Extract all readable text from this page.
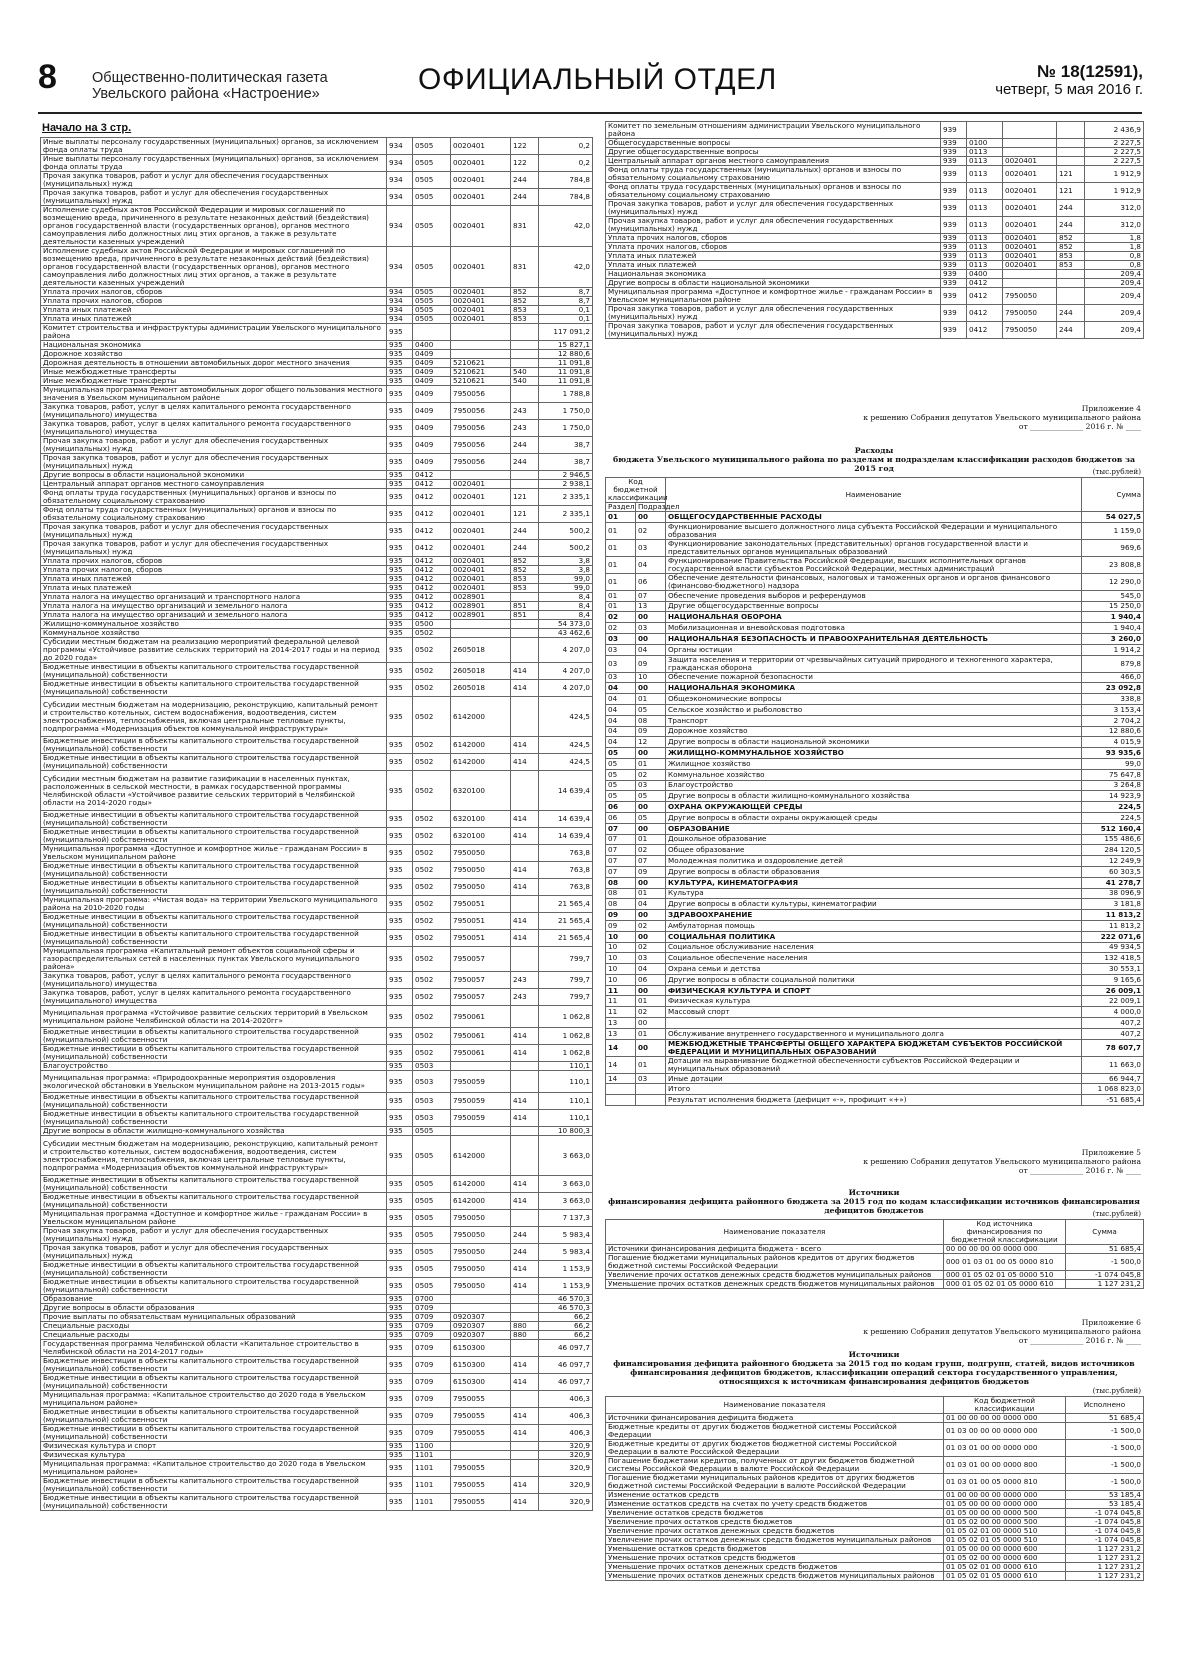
8 Общественно-политическая газета
Увельского района «Настроение»	ОФИЦИАЛЬНЫЙ ОТДЕЛ	№ 18(12591),
четверг, 5 мая 2016 г.
Начало на 3 стр.
Иные выплаты персоналу государственных (муниципальных) органов, за исключением фонда оплаты труда	934	0505	0020401	122	0,2
Иные выплаты персоналу государственных (муниципальных) органов, за исключением фонда оплаты труда	934	0505	0020401	122	0,2
Прочая закупка товаров, работ и услуг для обеспечения государственных (муниципальных) нужд	934	0505	0020401	244	784,8
Прочая закупка товаров, работ и услуг для обеспечения государственных (муниципальных) нужд	934	0505	0020401	244	784,8
Исполнение судебных актов Российской Федерации и мировых соглашений по возмещению вреда, причиненного в результате незаконных действий (бездействия) органов государственной власти (государственных органов), органов местного самоуправления либо должностных лиц этих органов, а также в результате деятельности казенных учреждений	934	0505	0020401	831	42,0
Исполнение судебных актов Российской Федерации и мировых соглашений по возмещению вреда, причиненного в результате незаконных действий (бездействия) органов государственной власти (государственных органов), органов местного самоуправления либо должностных лиц этих органов, а также в результате деятельности казенных учреждений	934	0505	0020401	831	42,0
Уплата прочих налогов, сборов	934	0505	0020401	852	8,7
Уплата прочих налогов, сборов	934	0505	0020401	852	8,7
Уплата иных платежей	934	0505	0020401	853	0,1
Уплата иных платежей	934	0505	0020401	853	0,1
Комитет строительства и инфраструктуры администрации Увельского муниципального района	935				117 091,2
Национальная экономика	935	0400			15 827,1
Дорожное хозяйство	935	0409			12 880,6
Дорожная деятельность в отношении автомобильных дорог местного значения	935	0409	5210621		11 091,8
Иные межбюджетные трансферты	935	0409	5210621	540	11 091,8
Иные межбюджетные трансферты	935	0409	5210621	540	11 091,8
Муниципальная программа Ремонт автомобильных дорог общего пользования местного значения в Увельском муниципальном районе	935	0409	7950056		1 788,8
Закупка товаров, работ, услуг в целях капитального ремонта государственного (муниципального) имущества	935	0409	7950056	243	1 750,0
Закупка товаров, работ, услуг в целях капитального ремонта государственного (муниципального) имущества	935	0409	7950056	243	1 750,0
Прочая закупка товаров, работ и услуг для обеспечения государственных (муниципальных) нужд	935	0409	7950056	244	38,7
Прочая закупка товаров, работ и услуг для обеспечения государственных (муниципальных) нужд	935	0409	7950056	244	38,7
Другие вопросы в области национальной экономики	935	0412			2 946,5
Центральный аппарат органов местного самоуправления	935	0412	0020401		2 938,1
Фонд оплаты труда государственных (муниципальных) органов и взносы по обязательному социальному страхованию	935	0412	0020401	121	2 335,1
Фонд оплаты труда государственных (муниципальных) органов и взносы по обязательному социальному страхованию	935	0412	0020401	121	2 335,1
Прочая закупка товаров, работ и услуг для обеспечения государственных (муниципальных) нужд	935	0412	0020401	244	500,2
Прочая закупка товаров, работ и услуг для обеспечения государственных (муниципальных) нужд	935	0412	0020401	244	500,2
Уплата прочих налогов, сборов	935	0412	0020401	852	3,8
Уплата прочих налогов, сборов	935	0412	0020401	852	3,8
Уплата иных платежей	935	0412	0020401	853	99,0
Уплата иных платежей	935	0412	0020401	853	99,0
Уплата налога на имущество организаций и транспортного налога	935	0412	0028901		8,4
Уплата налога на имущество организаций и земельного налога	935	0412	0028901	851	8,4
Уплата налога на имущество организаций и земельного налога	935	0412	0028901	851	8,4
Жилищно-коммунальное хозяйство	935	0500			54 373,0
Коммунальное хозяйство	935	0502			43 462,6
Субсидии местным бюджетам на реализацию мероприятий федеральной целевой программы «Устойчивое развитие сельских территорий на 2014-2017 годы и на период до 2020 года»	935	0502	2605018		4 207,0
Бюджетные инвестиции в объекты капитального строительства государственной (муниципальной) собственности	935	0502	2605018	414	4 207,0
Бюджетные инвестиции в объекты капитального строительства государственной (муниципальной) собственности	935	0502	2605018	414	4 207,0
Субсидии местным бюджетам на модернизацию, реконструкцию, капитальный ремонт и строительство котельных, систем водоснабжения, водоотведения, систем электроснабжения, теплоснабжения, включая центральные тепловые пункты, подпрограмма «Модернизация объектов коммунальной инфраструктуры»	935	0502	6142000		424,5
Бюджетные инвестиции в объекты капитального строительства государственной (муниципальной) собственности	935	0502	6142000	414	424,5
Бюджетные инвестиции в объекты капитального строительства государственной (муниципальной) собственности	935	0502	6142000	414	424,5
Субсидии местным бюджетам на развитие газификации в населенных пунктах, расположенных в сельской местности, в рамках государственной программы Челябинской области «Устойчивое развитие сельских территорий в Челябинской области на 2014-2020 годы»	935	0502	6320100		14 639,4
Бюджетные инвестиции в объекты капитального строительства государственной (муниципальной) собственности	935	0502	6320100	414	14 639,4
Бюджетные инвестиции в объекты капитального строительства государственной (муниципальной) собственности	935	0502	6320100	414	14 639,4
Муниципальная программа «Доступное и комфортное жилье - гражданам России» в Увельском муниципальном районе	935	0502	7950050		763,8
Бюджетные инвестиции в объекты капитального строительства государственной (муниципальной) собственности	935	0502	7950050	414	763,8
Бюджетные инвестиции в объекты капитального строительства государственной (муниципальной) собственности	935	0502	7950050	414	763,8
Муниципальная программа: «Чистая вода» на территории Увельского муниципального района на 2010-2020 годы	935	0502	7950051		21 565,4
Бюджетные инвестиции в объекты капитального строительства государственной (муниципальной) собственности	935	0502	7950051	414	21 565,4
Бюджетные инвестиции в объекты капитального строительства государственной (муниципальной) собственности	935	0502	7950051	414	21 565,4
Муниципальная программа «Капитальный ремонт объектов социальной сферы и газораспределительных сетей в населенных пунктах Увельского муниципального района»	935	0502	7950057		799,7
Закупка товаров, работ, услуг в целях капитального ремонта государственного (муниципального) имущества	935	0502	7950057	243	799,7
Закупка товаров, работ, услуг в целях капитального ремонта государственного (муниципального) имущества	935	0502	7950057	243	799,7
Муниципальная программа «Устойчивое развитие сельских территорий в Увельском муниципальном районе Челябинской области на 2014-2020гг»	935	0502	7950061		1 062,8
Бюджетные инвестиции в объекты капитального строительства государственной (муниципальной) собственности	935	0502	7950061	414	1 062,8
Бюджетные инвестиции в объекты капитального строительства государственной (муниципальной) собственности	935	0502	7950061	414	1 062,8
Благоустройство	935	0503			110,1
Муниципальная программа: «Природоохранные мероприятия оздоровления экологической обстановки в Увельском муниципальном районе на 2013-2015 годы»	935	0503	7950059		110,1
Бюджетные инвестиции в объекты капитального строительства государственной (муниципальной) собственности	935	0503	7950059	414	110,1
Бюджетные инвестиции в объекты капитального строительства государственной (муниципальной) собственности	935	0503	7950059	414	110,1
Другие вопросы в области жилищно-коммунального хозяйства	935	0505			10 800,3
Субсидии местным бюджетам на модернизацию, реконструкцию, капитальный ремонт и строительство котельных, систем водоснабжения, водоотведения, систем электроснабжения, теплоснабжения, включая центральные тепловые пункты, подпрограмма «Модернизация объектов коммунальной инфраструктуры»	935	0505	6142000		3 663,0
Бюджетные инвестиции в объекты капитального строительства государственной (муниципальной) собственности	935	0505	6142000	414	3 663,0
Бюджетные инвестиции в объекты капитального строительства государственной (муниципальной) собственности	935	0505	6142000	414	3 663,0
Муниципальная программа «Доступное и комфортное жилье - гражданам России» в Увельском муниципальном районе	935	0505	7950050		7 137,3
Прочая закупка товаров, работ и услуг для обеспечения государственных (муниципальных) нужд	935	0505	7950050	244	5 983,4
Прочая закупка товаров, работ и услуг для обеспечения государственных (муниципальных) нужд	935	0505	7950050	244	5 983,4
Бюджетные инвестиции в объекты капитального строительства государственной (муниципальной) собственности	935	0505	7950050	414	1 153,9
Бюджетные инвестиции в объекты капитального строительства государственной (муниципальной) собственности	935	0505	7950050	414	1 153,9
Образование	935	0700			46 570,3
Другие вопросы в области образования	935	0709			46 570,3
Прочие выплаты по обязательствам муниципальных образований	935	0709	0920307		66,2
Специальные расходы	935	0709	0920307	880	66,2
Специальные расходы	935	0709	0920307	880	66,2
Государственная программа Челябинской области «Капитальное строительство в Челябинской области на 2014-2017 годы»	935	0709	6150300		46 097,7
Бюджетные инвестиции в объекты капитального строительства государственной (муниципальной) собственности	935	0709	6150300	414	46 097,7
Бюджетные инвестиции в объекты капитального строительства государственной (муниципальной) собственности	935	0709	6150300	414	46 097,7
Муниципальная программа: «Капитальное строительство до 2020 года в Увельском муниципальном районе»	935	0709	7950055		406,3
Бюджетные инвестиции в объекты капитального строительства государственной (муниципальной) собственности	935	0709	7950055	414	406,3
Бюджетные инвестиции в объекты капитального строительства государственной (муниципальной) собственности	935	0709	7950055	414	406,3
Физическая культура и спорт	935	1100			320,9
Физическая культура	935	1101			320,9
Муниципальная программа: «Капитальное строительство до 2020 года в Увельском муниципальном районе»	935	1101	7950055		320,9
Бюджетные инвестиции в объекты капитального строительства государственной (муниципальной) собственности	935	1101	7950055	414	320,9
Бюджетные инвестиции в объекты капитального строительства государственной (муниципальной) собственности	935	1101	7950055	414	320,9
Комитет по земельным отношениям администрации Увельского муниципального района	939				2 436,9
Общегосударственные вопросы	939	0100			2 227,5
Другие общегосударственные вопросы	939	0113			2 227,5
Центральный аппарат органов местного самоуправления	939	0113	0020401		2 227,5
Фонд оплаты труда государственных (муниципальных) органов и взносы по обязательному социальному страхованию	939	0113	0020401	121	1 912,9
Фонд оплаты труда государственных (муниципальных) органов и взносы по обязательному социальному страхованию	939	0113	0020401	121	1 912,9
Прочая закупка товаров, работ и услуг для обеспечения государственных (муниципальных) нужд	939	0113	0020401	244	312,0
Прочая закупка товаров, работ и услуг для обеспечения государственных (муниципальных) нужд	939	0113	0020401	244	312,0
Уплата прочих налогов, сборов	939	0113	0020401	852	1,8
Уплата прочих налогов, сборов	939	0113	0020401	852	1,8
Уплата иных платежей	939	0113	0020401	853	0,8
Уплата иных платежей	939	0113	0020401	853	0,8
Национальная экономика	939	0400			209,4
Другие вопросы в области национальной экономики	939	0412			209,4
Муниципальная программа «Доступное и комфортное жилье - гражданам России» в Увельском муниципальном районе	939	0412	7950050		209,4
Прочая закупка товаров, работ и услуг для обеспечения государственных (муниципальных) нужд	939	0412	7950050	244	209,4
Прочая закупка товаров, работ и услуг для обеспечения государственных (муниципальных) нужд	939	0412	7950050	244	209,4
Приложение 4
к решению Собрания депутатов Увельского муниципального района
от ______________ 2016 г. № ____
Расходы
бюджета Увельского муниципального района по разделам и подразделам классификации расходов бюджетов за 2015 год	(тыс.рублей)
Код бюджетной классификации		Наименование	Сумма
Раздел	Подраздел		
01	00	ОБЩЕГОСУДАРСТВЕННЫЕ РАСХОДЫ	54 027,5
01	02	Функционирование высшего должностного лица субъекта Российской Федерации и муниципального образования	1 159,0
01	03	Функционирование законодательных (представительных) органов государственной власти и представительных органов муниципальных образований	969,6
01	04	Функционирование Правительства Российской Федерации, высших исполнительных органов государственной власти субъектов Российской Федерации, местных администраций	23 808,8
01	06	Обеспечение деятельности финансовых, налоговых и таможенных органов и органов финансового (финансово-бюджетного) надзора	12 290,0
01	07	Обеспечение проведения выборов и референдумов	545,0
01	13	Другие общегосударственные вопросы	15 250,0
02	00	НАЦИОНАЛЬНАЯ ОБОРОНА	1 940,4
02	03	Мобилизационная и вневойсковая подготовка	1 940,4
03	00	НАЦИОНАЛЬНАЯ БЕЗОПАСНОСТЬ И ПРАВООХРАНИТЕЛЬНАЯ ДЕЯТЕЛЬНОСТЬ	3 260,0
03	04	Органы юстиции	1 914,2
03	09	Защита населения и территории от чрезвычайных ситуаций природного и техногенного характера, гражданская оборона	879,8
03	10	Обеспечение пожарной безопасности	466,0
04	00	НАЦИОНАЛЬНАЯ ЭКОНОМИКА	23 092,8
04	01	Общеэкономические вопросы	338,8
04	05	Сельское хозяйство и рыболовство	3 153,4
04	08	Транспорт	2 704,2
04	09	Дорожное хозяйство	12 880,6
04	12	Другие вопросы в области национальной экономики	4 015,9
05	00	ЖИЛИЩНО-КОММУНАЛЬНОЕ ХОЗЯЙСТВО	93 935,6
05	01	Жилищное хозяйство	99,0
05	02	Коммунальное хозяйство	75 647,8
05	03	Благоустройство	3 264,8
05	05	Другие вопросы в области жилищно-коммунального хозяйства	14 923,9
06	00	ОХРАНА ОКРУЖАЮЩЕЙ СРЕДЫ	224,5
06	05	Другие вопросы в области охраны окружающей среды	224,5
07	00	ОБРАЗОВАНИЕ	512 160,4
07	01	Дошкольное образование	155 486,6
07	02	Общее образование	284 120,5
07	07	Молодежная политика и оздоровление детей	12 249,9
07	09	Другие вопросы в области образования	60 303,5
08	00	КУЛЬТУРА, КИНЕМАТОГРАФИЯ	41 278,7
08	01	Культура	38 096,9
08	04	Другие вопросы в области культуры, кинематографии	3 181,8
09	00	ЗДРАВООХРАНЕНИЕ	11 813,2
09	02	Амбулаторная помощь	11 813,2
10	00	СОЦИАЛЬНАЯ ПОЛИТИКА	222 071,6
10	02	Социальное обслуживание населения	49 934,5
10	03	Социальное обеспечение населения	132 418,5
10	04	Охрана семьи и детства	30 553,1
10	06	Другие вопросы в области социальной политики	9 165,6
11	00	ФИЗИЧЕСКАЯ КУЛЬТУРА И СПОРТ	26 009,1
11	01	Физическая культура	22 009,1
11	02	Массовый спорт	4 000,0
13	00		407,2
13	01	Обслуживание внутреннего государственного и муниципального долга	407,2
14	00	МЕЖБЮДЖЕТНЫЕ ТРАНСФЕРТЫ ОБЩЕГО ХАРАКТЕРА БЮДЖЕТАМ СУБЪЕКТОВ РОССИЙСКОЙ ФЕДЕРАЦИИ И МУНИЦИПАЛЬНЫХ ОБРАЗОВАНИЙ	78 607,7
14	01	Дотации на выравнивание бюджетной обеспеченности субъектов Российской Федерации и муниципальных образований	11 663,0
14	03	Иные дотации	66 944,7
		Итого	1 068 823,0
		Результат исполнения бюджета (дефицит «-», профицит «+»)	-51 685,4
Приложение 5
к решению Собрания депутатов Увельского муниципального района
от ______________ 2016 г. № ____
Источники
финансирования дефицита районного бюджета за 2015 год по кодам классификации источников финансирования дефицитов бюджетов	(тыс.рублей)
Наименование показателя	Код источника финансирования по бюджетной классификации	Сумма
Источники финансирования дефицита бюджета - всего	00 00 00 00 00 0000 000	51 685,4
Погашение бюджетами муниципальных районов кредитов от других бюджетов бюджетной системы Российской Федерации	000 01 03 01 00 05 0000 810	-1 500,0
Увеличение прочих остатков денежных средств бюджетов муниципальных районов	000 01 05 02 01 05 0000 510	-1 074 045,8
Уменьшение прочих остатков денежных средств бюджетов муниципальных районов	000 01 05 02 01 05 0000 610	1 127 231,2
Приложение 6
к решению Собрания депутатов Увельского муниципального района
от ______________ 2016 г. № ____
Источники
финансирования дефицита районного бюджета за 2015 год по кодам групп, подгрупп, статей, видов источников финансирования дефицитов бюджетов, классификации операций сектора государственного управления, относящихся к источникам финансирования дефицитов бюджетов
(тыс.рублей)
Наименование показателя	Код бюджетной классификации	Исполнено
Источники финансирования дефицита бюджета	01 00 00 00 00 0000 000	51 685,4
Бюджетные кредиты от других бюджетов бюджетной системы Российской Федерации	01 03 00 00 00 0000 000	-1 500,0
Бюджетные кредиты от других бюджетов бюджетной системы Российской Федерации в валюте Российской Федерации	01 03 01 00 00 0000 000	-1 500,0
Погашение бюджетами кредитов, полученных от других бюджетов бюджетной системы Российской Федерации в валюте Российской Федерации	01 03 01 00 00 0000 800	-1 500,0
Погашение бюджетами муниципальных районов кредитов от других бюджетов бюджетной системы Российской Федерации в валюте Российской Федерации	01 03 01 00 05 0000 810	-1 500,0
Изменение остатков средств	01 00 00 00 00 0000 000	53 185,4
Изменение остатков средств на счетах по учету средств бюджетов	01 05 00 00 00 0000 000	53 185,4
Увеличение остатков средств бюджетов	01 05 00 00 00 0000 500	-1 074 045,8
Увеличение прочих остатков средств бюджетов	01 05 02 00 00 0000 500	-1 074 045,8
Увеличение прочих остатков денежных средств бюджетов	01 05 02 01 00 0000 510	-1 074 045,8
Увеличение прочих остатков денежных средств бюджетов муниципальных районов	01 05 02 01 05 0000 510	-1 074 045,8
Уменьшение остатков средств бюджетов	01 05 00 00 00 0000 600	1 127 231,2
Уменьшение прочих остатков средств бюджетов	01 05 02 00 00 0000 600	1 127 231,2
Уменьшение прочих остатков денежных средств бюджетов	01 05 02 01 00 0000 610	1 127 231,2
Уменьшение прочих остатков денежных средств бюджетов муниципальных районов	01 05 02 01 05 0000 610	1 127 231,2
